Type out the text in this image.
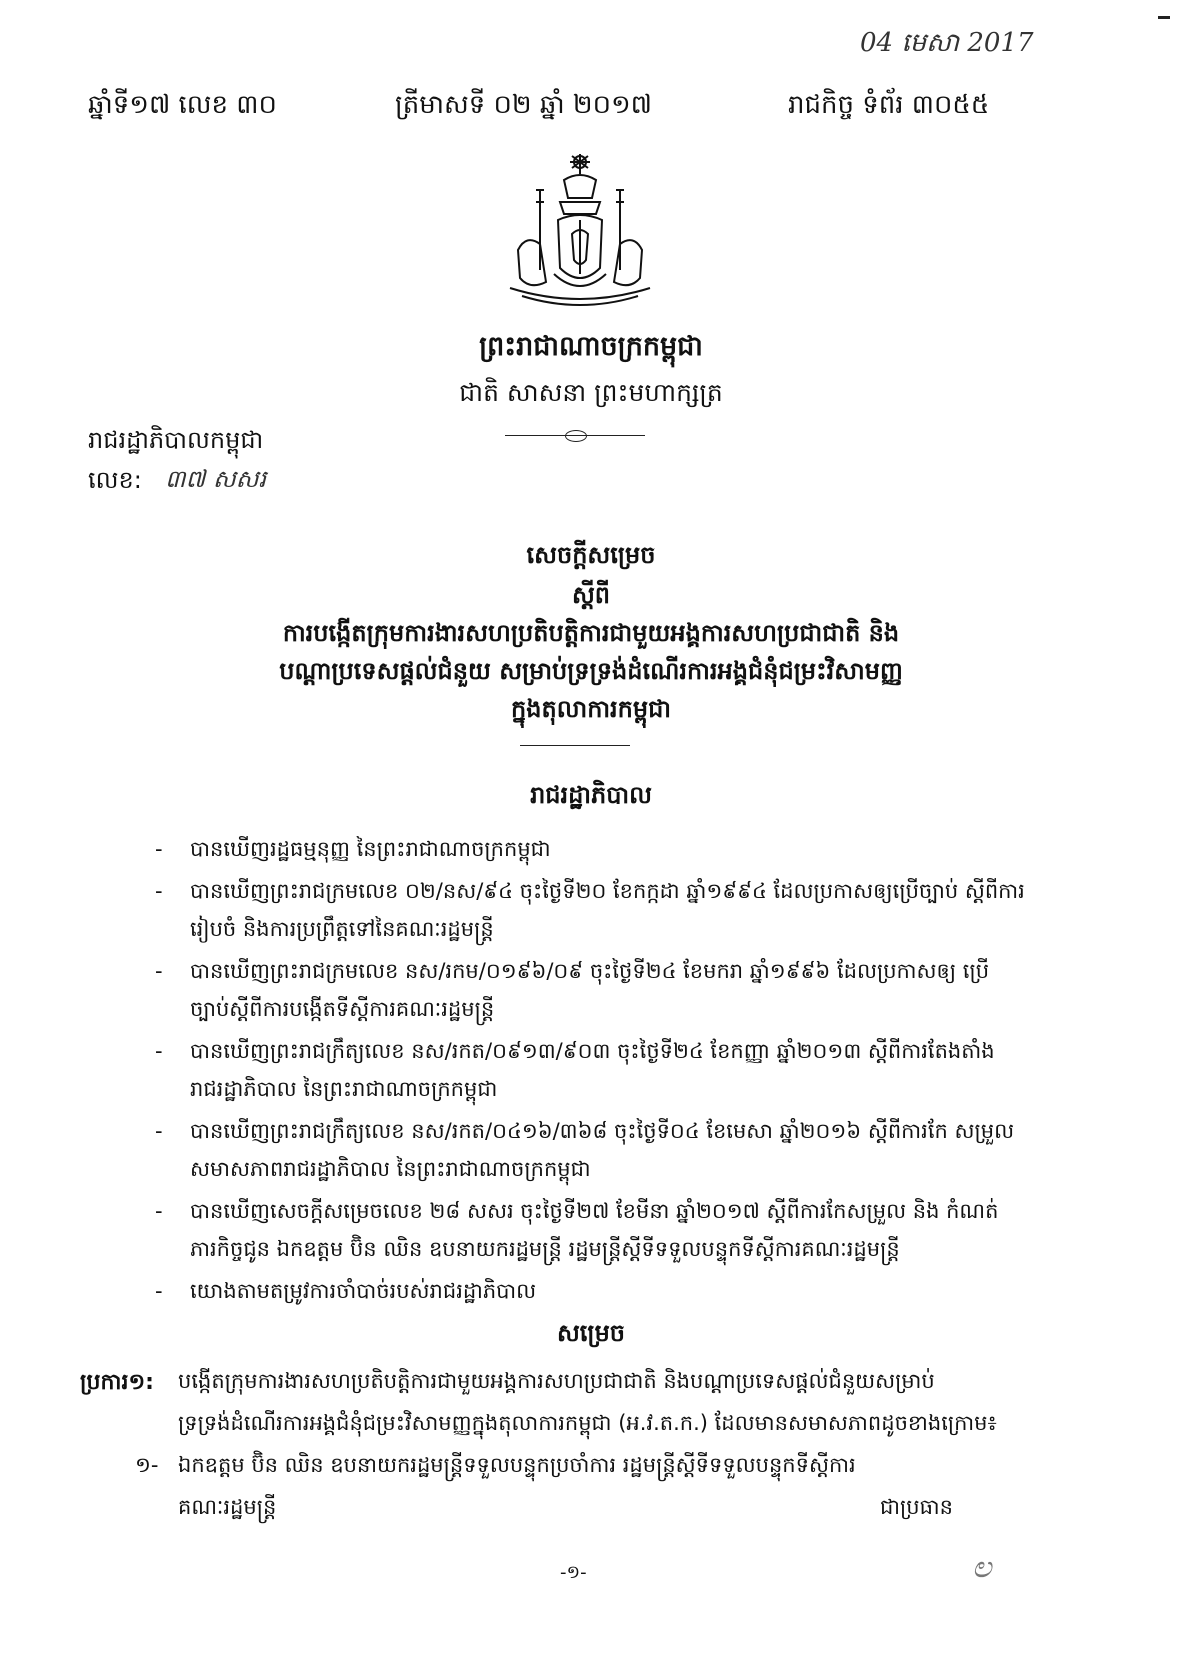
04 មេសា 2017
ឆ្នាំទី១៧ លេខ ៣០	ត្រីមាសទី ០២ ឆ្នាំ ២០១៧	រាជកិច្ច ទំព័រ ៣០៥៥
ព្រះរាជាណាចក្រកម្ពុជា
ជាតិ សាសនា ព្រះមហាក្សត្រ
រាជរដ្ឋាភិបាលកម្ពុជា
លេខ: ៣៧ សសរ
សេចក្តីសម្រេច
ស្តីពី
ការបង្កើតក្រុមការងារសហប្រតិបត្តិការជាមួយអង្គការសហប្រជាជាតិ និង
បណ្តាប្រទេសផ្តល់ជំនួយ សម្រាប់ទ្រទ្រង់ដំណើរការអង្គជំនុំជម្រះវិសាមញ្ញ
ក្នុងតុលាការកម្ពុជា
រាជរដ្ឋាភិបាល
- បានឃើញរដ្ឋធម្មនុញ្ញ នៃព្រះរាជាណាចក្រកម្ពុជា
- បានឃើញព្រះរាជក្រមលេខ ០២/នស/៩៤ ចុះថ្ងៃទី២០ ខែកក្កដា ឆ្នាំ១៩៩៤ ដែលប្រកាសឲ្យប្រើច្បាប់ ស្តីពីការរៀបចំ និងការប្រព្រឹត្តទៅនៃគណៈរដ្ឋមន្ត្រី
- បានឃើញព្រះរាជក្រមលេខ នស/រកម/០១៩៦/០៩ ចុះថ្ងៃទី២៤ ខែមករា ឆ្នាំ១៩៩៦ ដែលប្រកាសឲ្យ ប្រើច្បាប់ស្តីពីការបង្កើតទីស្តីការគណៈរដ្ឋមន្ត្រី
- បានឃើញព្រះរាជក្រឹត្យលេខ នស/រកត/០៩១៣/៩០៣ ចុះថ្ងៃទី២៤ ខែកញ្ញា ឆ្នាំ២០១៣ ស្តីពីការតែងតាំង រាជរដ្ឋាភិបាល នៃព្រះរាជាណាចក្រកម្ពុជា
- បានឃើញព្រះរាជក្រឹត្យលេខ នស/រកត/០៤១៦/៣៦៨ ចុះថ្ងៃទី០៤ ខែមេសា ឆ្នាំ២០១៦ ស្តីពីការកែ សម្រួលសមាសភាពរាជរដ្ឋាភិបាល នៃព្រះរាជាណាចក្រកម្ពុជា
- បានឃើញសេចក្តីសម្រេចលេខ ២៨ សសរ ចុះថ្ងៃទី២៧ ខែមីនា ឆ្នាំ២០១៧ ស្តីពីការកែសម្រួល និង កំណត់ភារកិច្ចជូន ឯកឧត្តម ប៊ិន ឈិន ឧបនាយករដ្ឋមន្ត្រី រដ្ឋមន្ត្រីស្តីទីទទួលបន្ទុកទីស្តីការគណៈរដ្ឋមន្ត្រី
- យោងតាមតម្រូវការចាំបាច់របស់រាជរដ្ឋាភិបាល
សម្រេច
ប្រការ១: បង្កើតក្រុមការងារសហប្រតិបត្តិការជាមួយអង្គការសហប្រជាជាតិ និងបណ្តាប្រទេសផ្តល់ជំនួយសម្រាប់
ទ្រទ្រង់ដំណើរការអង្គជំនុំជម្រះវិសាមញ្ញក្នុងតុលាការកម្ពុជា (អ.វ.ត.ក.) ដែលមានសមាសភាពដូចខាងក្រោម៖
១- ឯកឧត្តម ប៊ិន ឈិន ឧបនាយករដ្ឋមន្ត្រីទទួលបន្ទុកប្រចាំការ រដ្ឋមន្ត្រីស្តីទីទទួលបន្ទុកទីស្តីការ
គណៈរដ្ឋមន្ត្រី	ជាប្រធាន
-១-	ಲ
